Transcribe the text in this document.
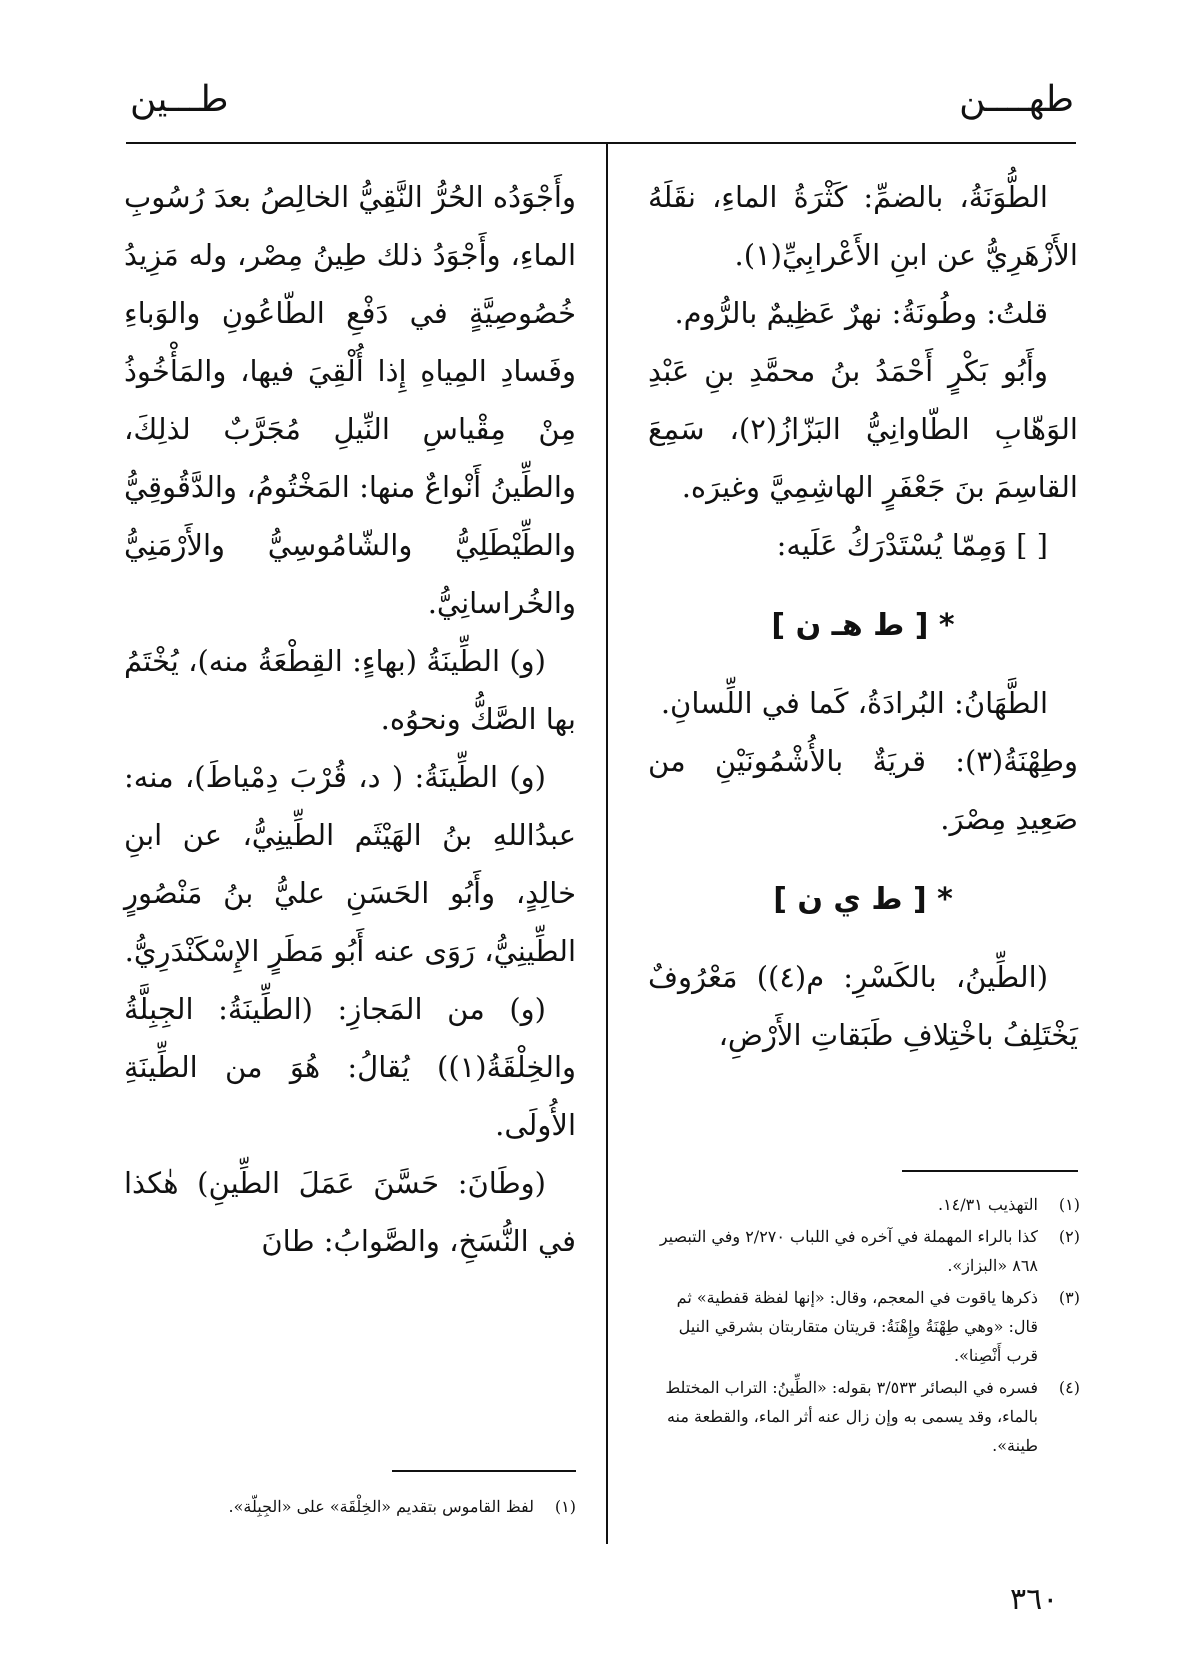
طهــــن
طـــين

الطُّوَنَةُ، بالضمِّ: كَثْرَةُ الماءِ، نقَلَهُ الأَزْهَرِيُّ عن ابنِ الأَعْرابِيِّ(١).

قلتُ: وطُونَةُ: نهرٌ عَظِيمٌ بالرُّوم.

وأَبُو بَكْرٍ أَحْمَدُ بنُ محمَّدِ بنِ عَبْدِ الوَهّابِ الطّاوانِيُّ البَزّازُ(٢)، سَمِعَ القاسِمَ بنَ جَعْفَرٍ الهاشِمِيَّ وغيرَه.

[ ] وَمِمّا يُسْتَدْرَكُ عَلَيه:

* [ ط هـ ن ]

الطَّهَانُ: البُرادَةُ، كَما في اللِّسانِ.

وطِهْنَةُ(٣): قريَةٌ بالأُشْمُونَيْنِ من صَعِيدِ مِصْرَ.

* [ ط ي ن ]

(الطِّينُ، بالكَسْرِ: م(٤)) مَعْرُوفٌ يَخْتَلِفُ باخْتِلافِ طَبَقاتِ الأَرْضِ،

وأَجْوَدُه الحُرُّ النَّقِيُّ الخالِصُ بعدَ رُسُوبِ الماءِ، وأَجْوَدُ ذلك طِينُ مِصْر، وله مَزِيدُ خُصُوصِيَّةٍ في دَفْعِ الطّاعُونِ والوَباءِ وفَسادِ المِياهِ إِذا أُلْقِيَ فيها، والمَأْخُوذُ مِنْ مِقْياسِ النِّيلِ مُجَرَّبٌ لذلِكَ، والطِّينُ أَنْواعٌ منها: المَخْتُومُ، والدَّقُوقِيُّ والطِّيْطَلِيُّ والشّامُوسِيُّ والأَرْمَنِيُّ والخُراسانِيُّ.

(و) الطِّينَةُ (بهاءٍ: القِطْعَةُ منه)، يُخْتَمُ بها الصَّكُّ ونحوُه.

(و) الطِّينَةُ: ( د، قُرْبَ دِمْياطَ)، منه: عبدُاللهِ بنُ الهَيْثَم الطِّينِيُّ، عن ابنِ خالِدٍ، وأَبُو الحَسَنِ عليُّ بنُ مَنْصُورٍ الطِّينِيُّ، رَوَى عنه أَبُو مَطَرٍ الإِسْكَنْدَرِيُّ.

(و) من المَجازِ: (الطِّينَةُ: الجِبِلَّةُ والخِلْقَةُ(١)) يُقالُ: هُوَ من الطِّينَةِ الأُولَى.

(وطَانَ: حَسَّنَ عَمَلَ الطِّينِ) هٰكذا في النُّسَخِ، والصَّوابُ: طانَ

(١)
التهذيب ١٤/٣١.
(٢)
كذا بالراء المهملة في آخره في اللباب ٢/٢٧٠ وفي التبصير ٨٦٨ «البزاز».
(٣)
ذكرها ياقوت في المعجم، وقال: «إنها لفظة قفطية» ثم قال: «وهي طِهْنَةُ وإِهْنَةُ: قريتان متقاربتان بشرقي النيل قرب أَنْصِنا».
(٤)
فسره في البصائر ٣/٥٣٣ بقوله: «الطِّينُ: التراب المختلط بالماء، وقد يسمى به وإن زال عنه أثر الماء، والقطعة منه طينة».
(١)
لفظ القاموس بتقديم «الخِلْقَة» على «الجِبِلّة».
٣٦٠
